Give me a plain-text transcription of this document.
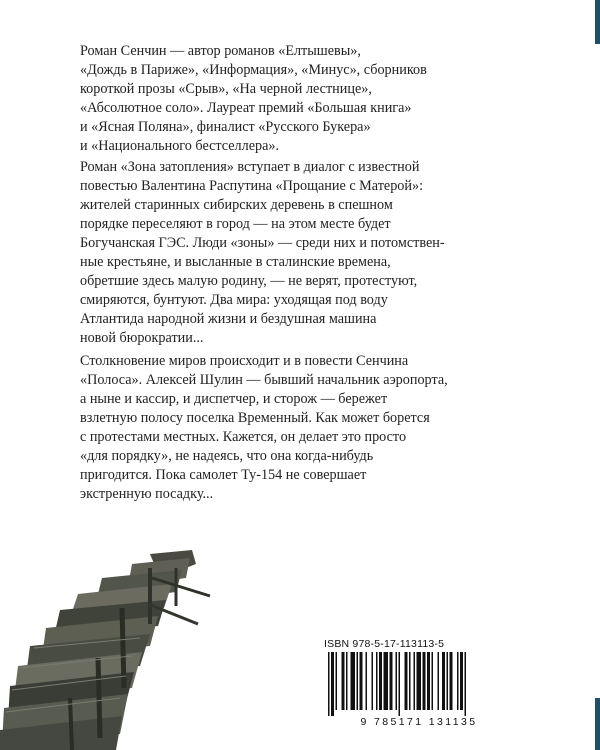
Роман Сенчин — автор романов «Елтышевы»,
«Дождь в Париже», «Информация», «Минус», сборников
короткой прозы «Срыв», «На черной лестнице»,
«Абсолютное соло». Лауреат премий «Большая книга»
и «Ясная Поляна», финалист «Русского Букера»
и «Национального бестселлера».
Роман «Зона затопления» вступает в диалог с известной
повестью Валентина Распутина «Прощание с Матерой»:
жителей старинных сибирских деревень в спешном
порядке переселяют в город — на этом месте будет
Богучанская ГЭС. Люди «зоны» — среди них и потомствен-
ные крестьяне, и высланные в сталинские времена,
обретшие здесь малую родину, — не верят, протестуют,
смиряются, бунтуют. Два мира: уходящая под воду
Атлантида народной жизни и бездушная машина
новой бюрократии...
Столкновение миров происходит и в повести Сенчина
«Полоса». Алексей Шулин — бывший начальник аэропорта,
а ныне и кассир, и диспетчер, и сторож — бережет
взлетную полосу поселка Временный. Как может борется
с протестами местных. Кажется, он делает это просто
«для порядку», не надеясь, что она когда-нибудь
пригодится. Пока самолет Ту-154 не совершает
экстренную посадку...
ISBN 978-5-17-113113-5
9 785171 131135
